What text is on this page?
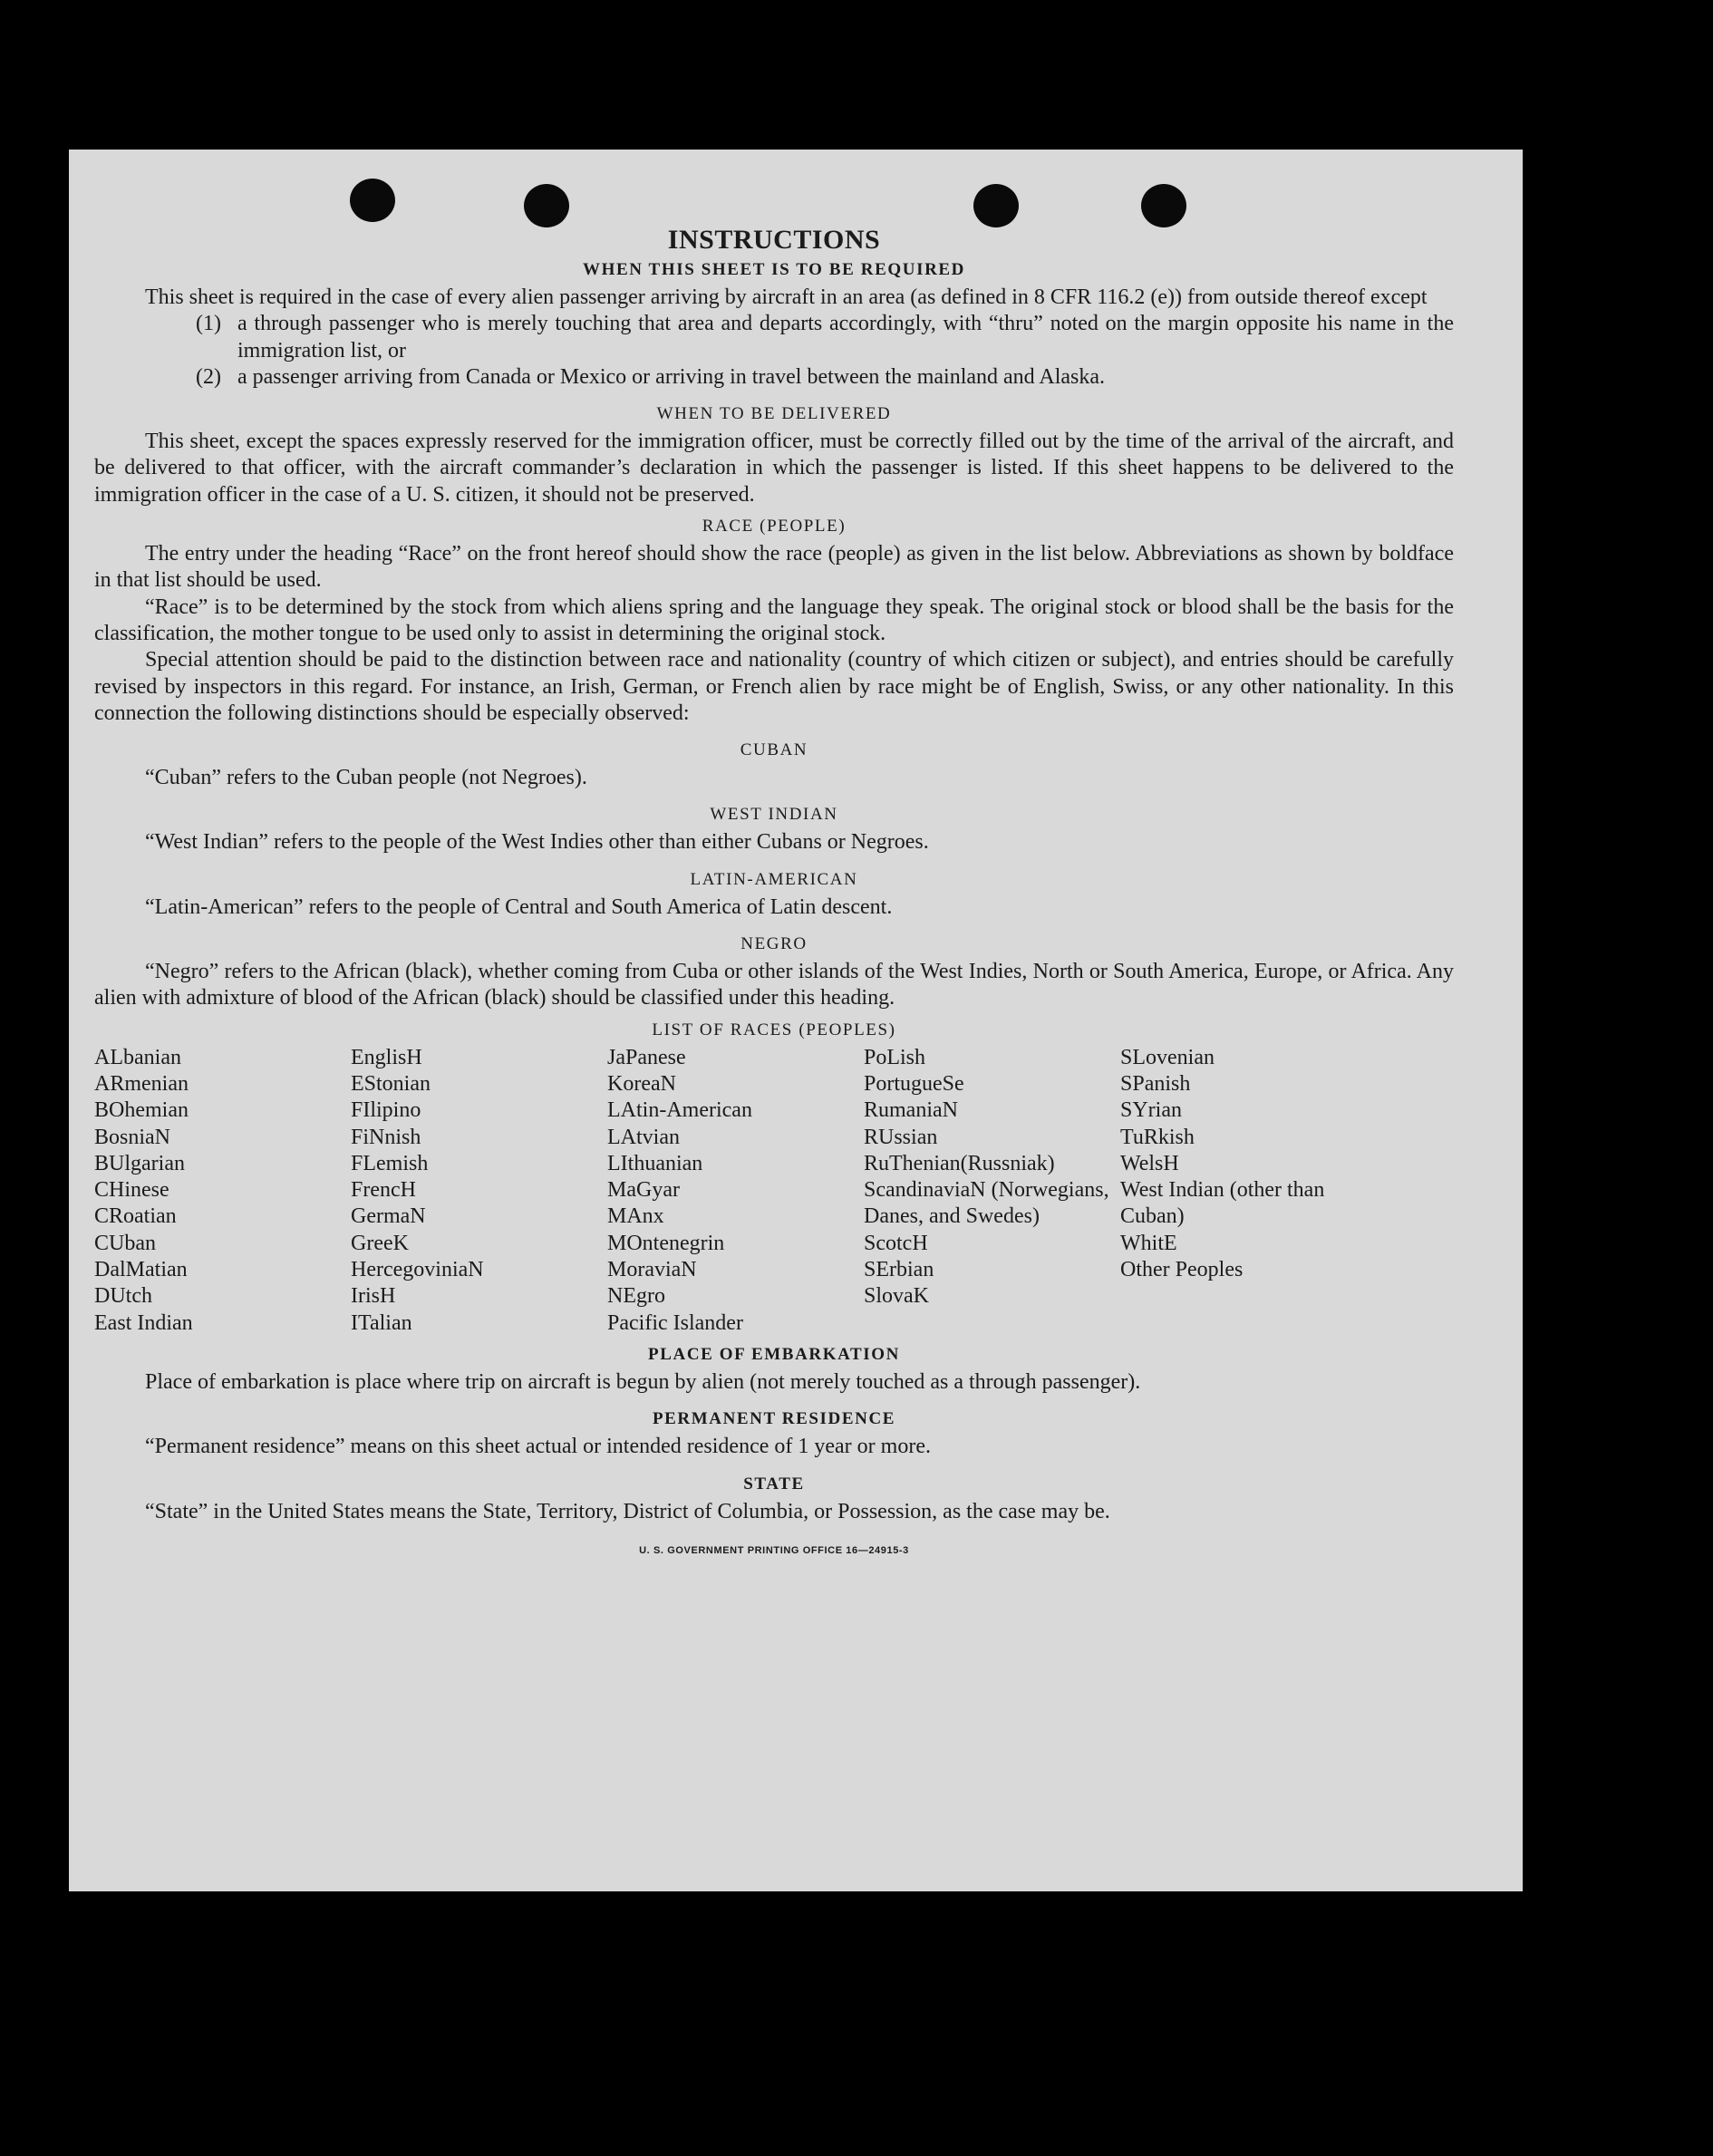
INSTRUCTIONS
WHEN THIS SHEET IS TO BE REQUIRED

This sheet is required in the case of every alien passenger arriving by aircraft in an area (as defined in 8 CFR 116.2 (e)) from outside thereof except

(1) a through passenger who is merely touching that area and departs accordingly, with “thru” noted on the margin opposite his name in the immigration list, or
(2) a passenger arriving from Canada or Mexico or arriving in travel between the mainland and Alaska.
WHEN TO BE DELIVERED

This sheet, except the spaces expressly reserved for the immigration officer, must be correctly filled out by the time of the arrival of the aircraft, and be delivered to that officer, with the aircraft commander’s declaration in which the passenger is listed. If this sheet happens to be delivered to the immigration officer in the case of a U. S. citizen, it should not be preserved.

RACE (PEOPLE)

The entry under the heading “Race” on the front hereof should show the race (people) as given in the list below. Abbreviations as shown by boldface in that list should be used.

“Race” is to be determined by the stock from which aliens spring and the language they speak. The original stock or blood shall be the basis for the classification, the mother tongue to be used only to assist in determining the original stock.

Special attention should be paid to the distinction between race and nationality (country of which citizen or subject), and entries should be carefully revised by inspectors in this regard. For instance, an Irish, German, or French alien by race might be of English, Swiss, or any other nationality. In this connection the following distinctions should be especially observed:

CUBAN

“Cuban” refers to the Cuban people (not Negroes).

WEST INDIAN

“West Indian” refers to the people of the West Indies other than either Cubans or Negroes.

LATIN-AMERICAN

“Latin-American” refers to the people of Central and South America of Latin descent.

NEGRO

“Negro” refers to the African (black), whether coming from Cuba or other islands of the West Indies, North or South America, Europe, or Africa. Any alien with admixture of blood of the African (black) should be classified under this heading.

LIST OF RACES (PEOPLES)
ALbanian
ARmenian
BOhemian
BosniaN
BUlgarian
CHinese
CRoatian
CUban
DalMatian
DUtch
East Indian
EnglisH
EStonian
FIlipino
FiNnish
FLemish
FrencH
GermaN
GreeK
HercegoviniaN
IrisH
ITalian
JaPanese
KoreaN
LAtin-American
LAtvian
LIthuanian
MaGyar
MAnx
MOntenegrin
MoraviaN
NEgro
Pacific Islander
PoLish
PortugueSe
RumaniaN
RUssian
RuThenian(Russniak)
ScandinaviaN (Norwegians, Danes, and Swedes)
ScotcH
SErbian
SlovaK
SLovenian
SPanish
SYrian
TuRkish
WelsH
West Indian (other than Cuban)
WhitE
Other Peoples
PLACE OF EMBARKATION

Place of embarkation is place where trip on aircraft is begun by alien (not merely touched as a through passenger).

PERMANENT RESIDENCE

“Permanent residence” means on this sheet actual or intended residence of 1 year or more.

STATE

“State” in the United States means the State, Territory, District of Columbia, or Possession, as the case may be.

U. S. GOVERNMENT PRINTING OFFICE 16—24915-3
